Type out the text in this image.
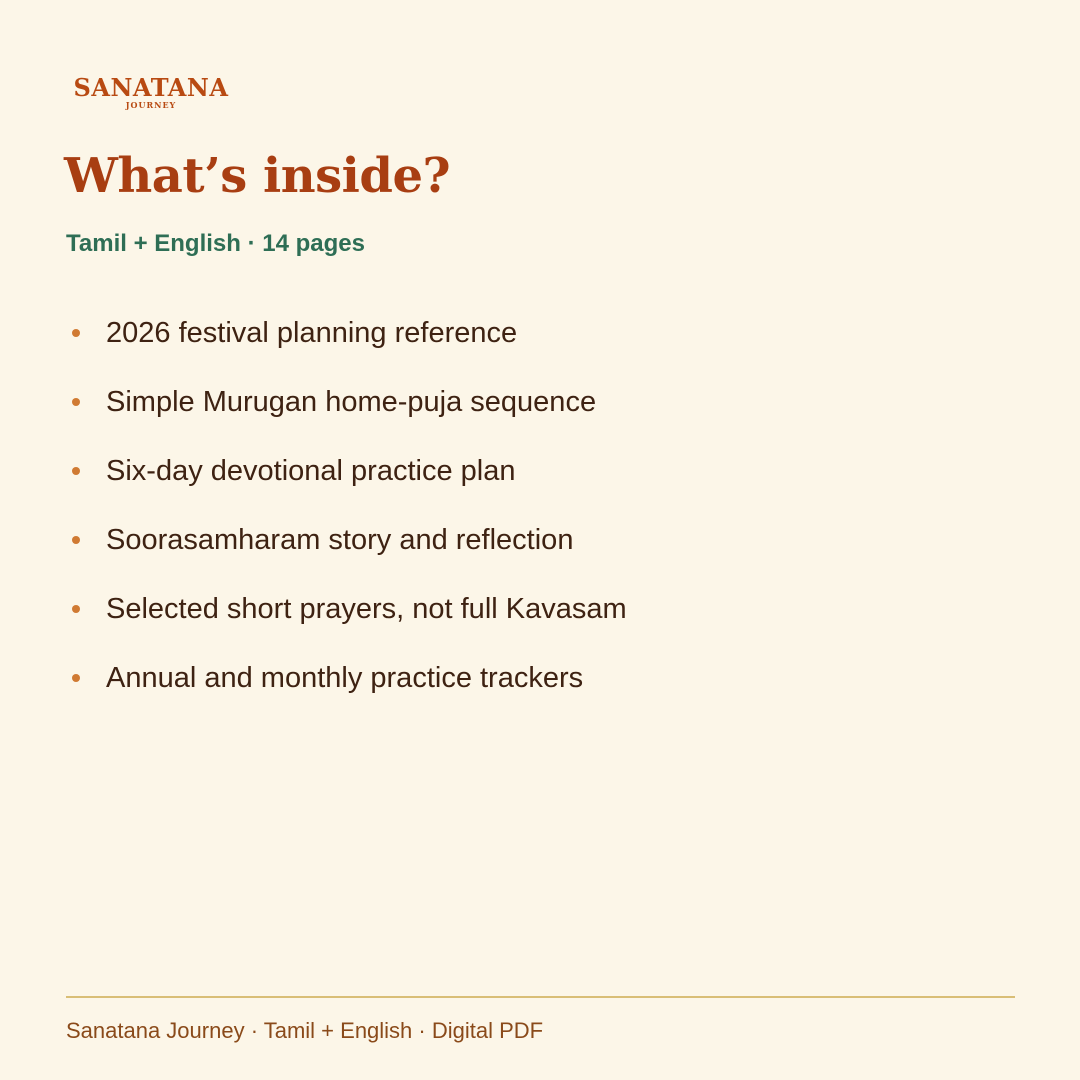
SANATANA
JOURNEY
What’s inside?
Tamil + English · 14 pages
2026 festival planning reference
Simple Murugan home-puja sequence
Six-day devotional practice plan
Soorasamharam story and reflection
Selected short prayers, not full Kavasam
Annual and monthly practice trackers
Sanatana Journey · Tamil + English · Digital PDF
